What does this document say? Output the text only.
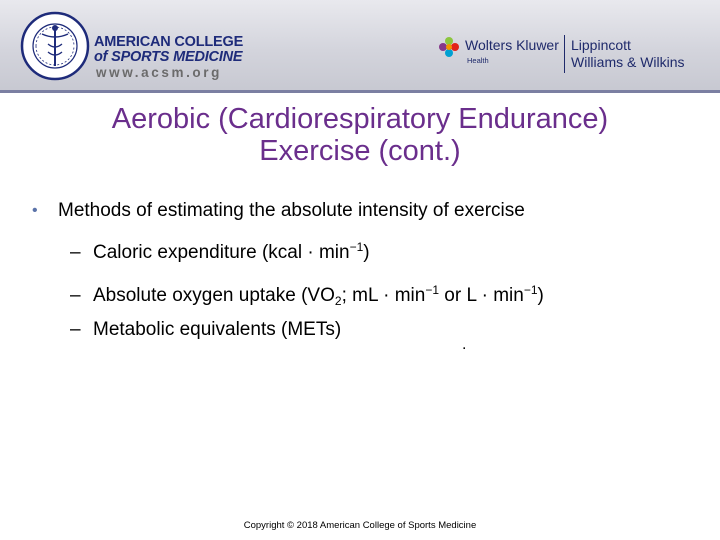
AMERICAN COLLEGE
of SPORTS MEDICINE
www.acsm.org
Wolters Kluwer
Health
Lippincott
Williams & Wilkins
Aerobic (Cardiorespiratory Endurance)
Exercise (cont.)
• Methods of estimating the absolute intensity of exercise
– Caloric expenditure (kcal · $\min^{-1}$)
– Absolute oxygen uptake ($VO_2$; mL · $\min^{-1}$ or $L \cdot \min^{-1}$)
– Metabolic equivalents (METs)
.
Copyright © 2018 American College of Sports Medicine
